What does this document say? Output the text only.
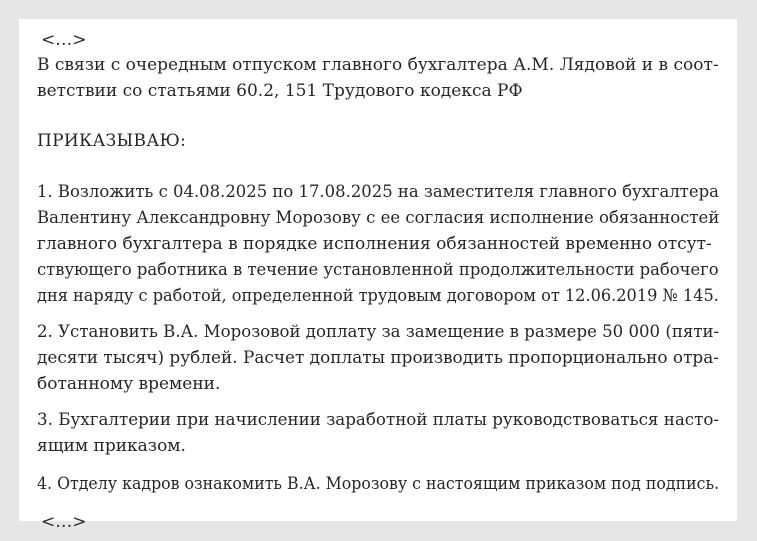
<…>

В связи с очередным отпуском главного бухгалтера А.М. Лядовой и в соот-

ветствии со статьями 60.2, 151 Трудового кодекса РФ

ПРИКАЗЫВАЮ:

1. Возложить с 04.08.2025 по 17.08.2025 на заместителя главного бухгалтера

Валентину Александровну Морозову с ее согласия исполнение обязанностей

главного бухгалтера в порядке исполнения обязанностей временно отсут-

ствующего работника в течение установленной продолжительности рабочего

дня наряду с работой, определенной трудовым договором от 12.06.2019 № 145.

2. Установить В.А. Морозовой доплату за замещение в размере 50 000 (пяти-

десяти тысяч) рублей. Расчет доплаты производить пропорционально отра-

ботанному времени.

3. Бухгалтерии при начислении заработной платы руководствоваться насто-

ящим приказом.

4. Отделу кадров ознакомить В.А. Морозову с настоящим приказом под подпись.

<…>
